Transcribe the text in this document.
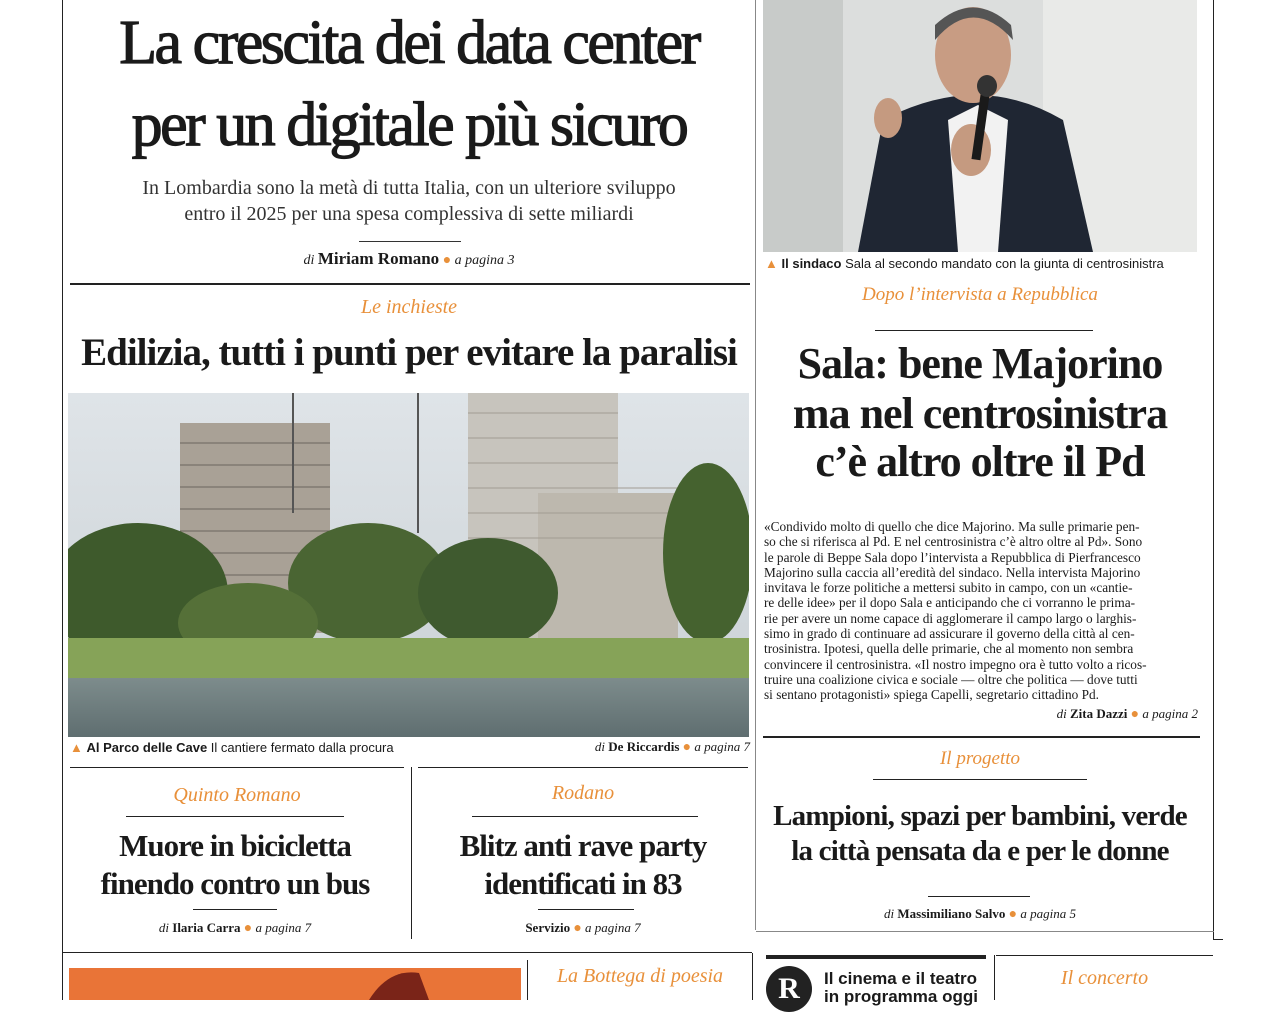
La crescita dei data center
per un digitale più sicuro
In Lombardia sono la metà di tutta Italia, con un ulteriore sviluppo
entro il 2025 per una spesa complessiva di sette miliardi
di Miriam Romano ● a pagina 3
Le inchieste
Edilizia, tutti i punti per evitare la paralisi
▲ Al Parco delle Cave Il cantiere fermato dalla procura	di De Riccardis ● a pagina 7
Quinto Romano
Muore in bicicletta
finendo contro un bus
di Ilaria Carra ● a pagina 7
Rodano
Blitz anti rave party
identificati in 83
Servizio ● a pagina 7
▲ Il sindaco Sala al secondo mandato con la giunta di centrosinistra
Dopo l’intervista a Repubblica
Sala: bene Majorino
ma nel centrosinistra
c’è altro oltre il Pd
«Condivido molto di quello che dice Majorino. Ma sulle primarie pen-
so che si riferisca al Pd. E nel centrosinistra c’è altro oltre al Pd». Sono
le parole di Beppe Sala dopo l’intervista a Repubblica di Pierfrancesco
Majorino sulla caccia all’eredità del sindaco. Nella intervista Majorino
invitava le forze politiche a mettersi subito in campo, con un «cantie-
re delle idee» per il dopo Sala e anticipando che ci vorranno le prima-
rie per avere un nome capace di agglomerare il campo largo o larghis-
simo in grado di continuare ad assicurare il governo della città al cen-
trosinistra. Ipotesi, quella delle primarie, che al momento non sembra
convincere il centrosinistra. «Il nostro impegno ora è tutto volto a ricos-
truire una coalizione civica e sociale — oltre che politica — dove tutti
si sentano protagonisti» spiega Capelli, segretario cittadino Pd.
di Zita Dazzi ● a pagina 2
Il progetto
Lampioni, spazi per bambini, verde
la città pensata da e per le donne
di Massimiliano Salvo ● a pagina 5
La Bottega di poesia	R	Il cinema e il teatro
in programma oggi
Il concerto
